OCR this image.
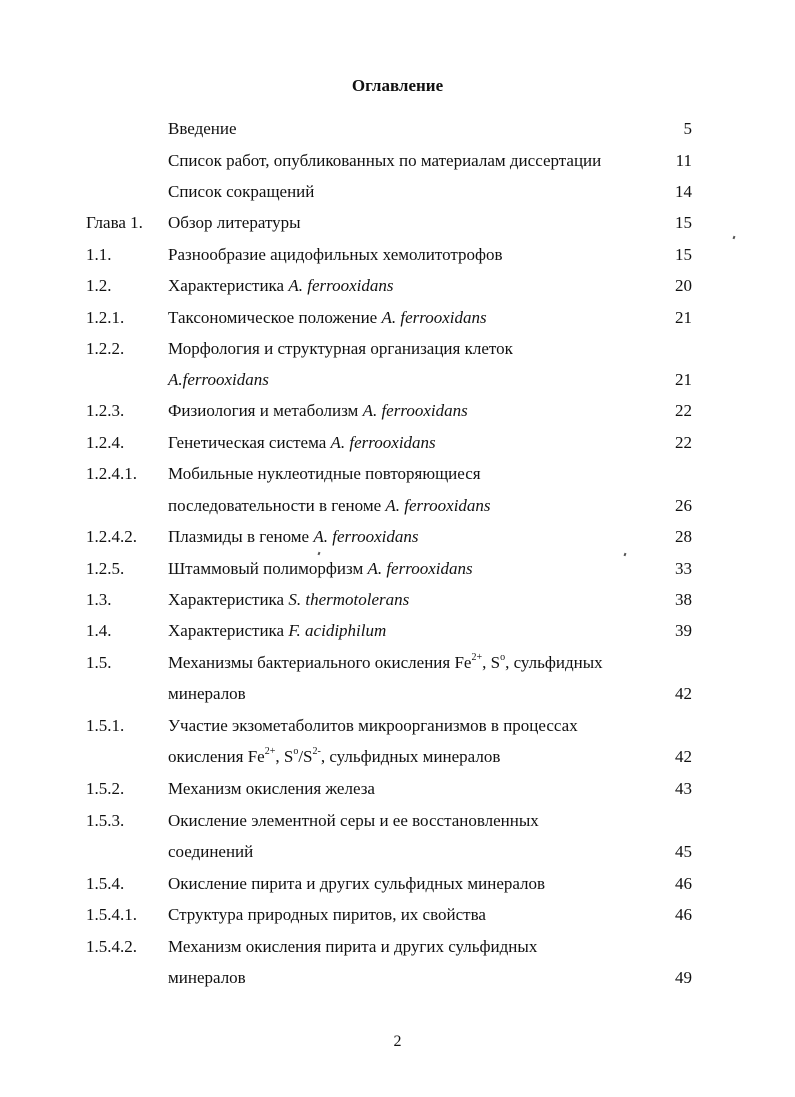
Оглавление
Введение	5
Список работ, опубликованных по материалам диссертации	11
Список сокращений	14
Глава 1. Обзор литературы	15
1.1.	Разнообразие ацидофильных хемолитотрофов	15
1.2.	Характеристика A. ferrooxidans	20
1.2.1.	Таксономическое положение A. ferrooxidans	21
1.2.2.	Морфология и структурная организация клеток
A.ferrooxidans	21
1.2.3.	Физиология и метаболизм A. ferrooxidans	22
1.2.4.	Генетическая система A. ferrooxidans	22
1.2.4.1. Мобильные нуклеотидные повторяющиеся
последовательности в геноме A. ferrooxidans	26
1.2.4.2. Плазмиды в геноме A. ferrooxidans	28
1.2.5.	Штаммовый полиморфизм A. ferrooxidans	33
1.3.	Характеристика S. thermotolerans	38
1.4.	Характеристика F. acidiphilum	39
1.5.	Механизмы бактериального окисления $Fe^{2+}$, $S^o$, сульфидных
минералов	42
1.5.1.	Участие экзометаболитов микроорганизмов в процессах
окисления $Fe^{2+}$, $S^o/S^{2-}$, сульфидных минералов	42
1.5.2.	Механизм окисления железа	43
1.5.3.	Окисление элементной серы и ее восстановленных
соединений	45
1.5.4.	Окисление пирита и других сульфидных минералов	46
1.5.4.1. Структура природных пиритов, их свойства	46
1.5.4.2. Механизм окисления пирита и других сульфидных
минералов	49
2
